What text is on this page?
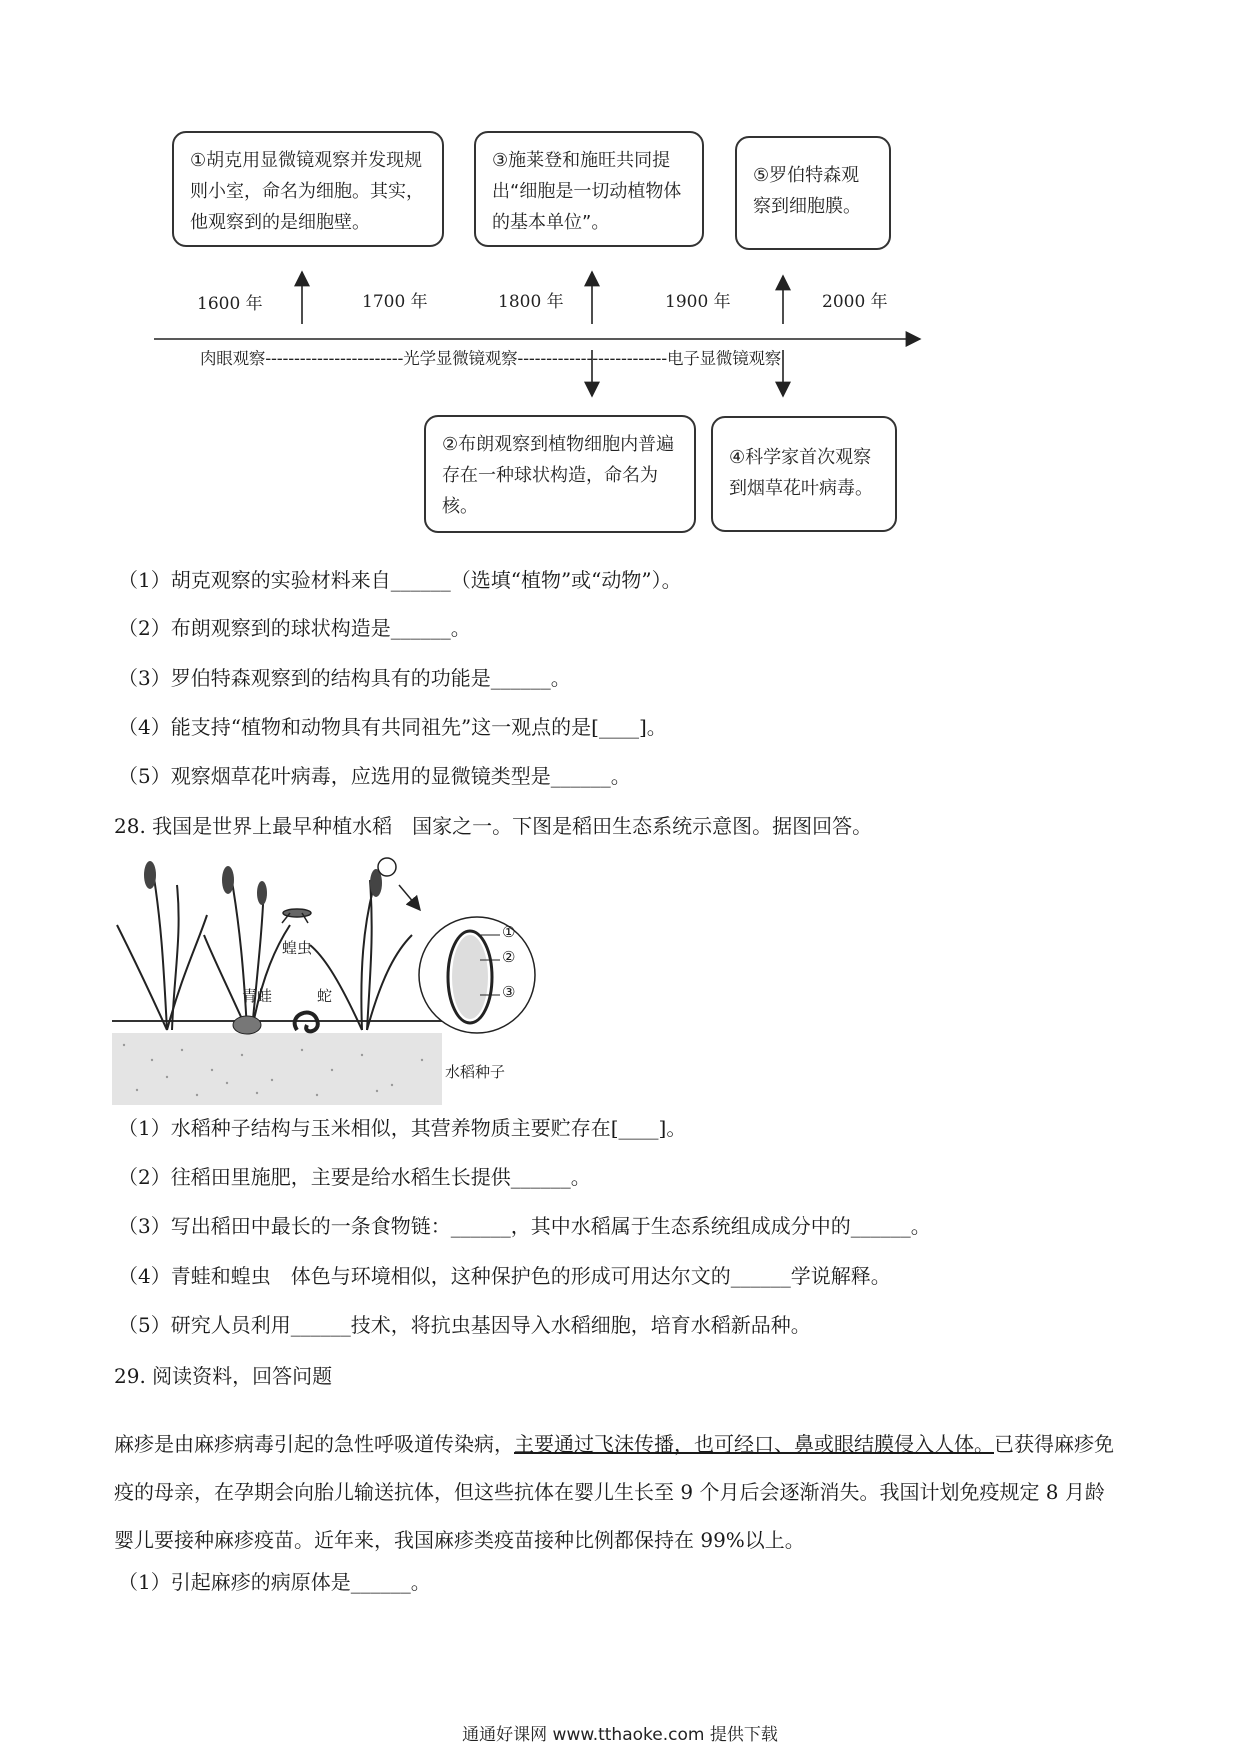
①胡克用显微镜观察并发现规则小室，命名为细胞。其实，他观察到的是细胞壁。
③施莱登和施旺共同提出“细胞是一切动植物体的基本单位”。
⑤罗伯特森观察到细胞膜。
1600 年	1700 年	1800 年	1900 年	2000 年
肉眼观察------------------------光学显微镜观察--------------------------电子显微镜观察
②布朗观察到植物细胞内普遍存在一种球状构造，命名为核。
④科学家首次观察到烟草花叶病毒。
（1）胡克观察的实验材料来自______（选填“植物”或“动物”）。
（2）布朗观察到的球状构造是______。
（3）罗伯特森观察到的结构具有的功能是______。
（4）能支持“植物和动物具有共同祖先”这一观点的是[____]。
（5）观察烟草花叶病毒，应选用的显微镜类型是______。
28. 我国是世界上最早种植水稻　国家之一。下图是稻田生态系统示意图。据图回答。
蝗虫
青蛙	蛇
①
②
③
水稻种子
（1）水稻种子结构与玉米相似，其营养物质主要贮存在[____]。
（2）往稻田里施肥，主要是给水稻生长提供______。
（3）写出稻田中最长的一条食物链：______，其中水稻属于生态系统组成成分中的______。
（4）青蛙和蝗虫　体色与环境相似，这种保护色的形成可用达尔文的______学说解释。
（5）研究人员利用______技术，将抗虫基因导入水稻细胞，培育水稻新品种。
29. 阅读资料，回答问题
麻疹是由麻疹病毒引起的急性呼吸道传染病，主要通过飞沫传播，也可经口、鼻或眼结膜侵入人体。已获得麻疹免疫的母亲，在孕期会向胎儿输送抗体，但这些抗体在婴儿生长至 9 个月后会逐渐消失。我国计划免疫规定 8 月龄婴儿要接种麻疹疫苗。近年来，我国麻疹类疫苗接种比例都保持在 99%以上。
（1）引起麻疹的病原体是______。
通通好课网 www.tthaoke.com 提供下载
